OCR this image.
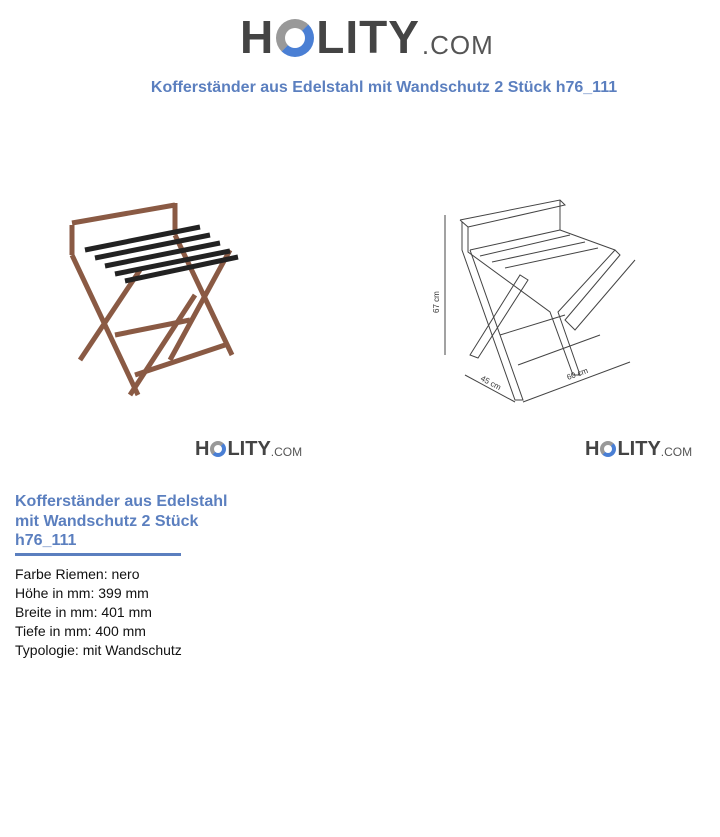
H LITY .COM
Kofferständer aus Edelstahl mit Wandschutz 2 Stück h76_111
H LITY .COM
67 cm
45 cm	60 cm
H LITY .COM
Kofferständer aus Edelstahl mit Wandschutz 2 Stück h76_111
Farbe Riemen: nero
Höhe in mm: 399 mm
Breite in mm: 401 mm
Tiefe in mm: 400 mm
Typologie: mit Wandschutz
